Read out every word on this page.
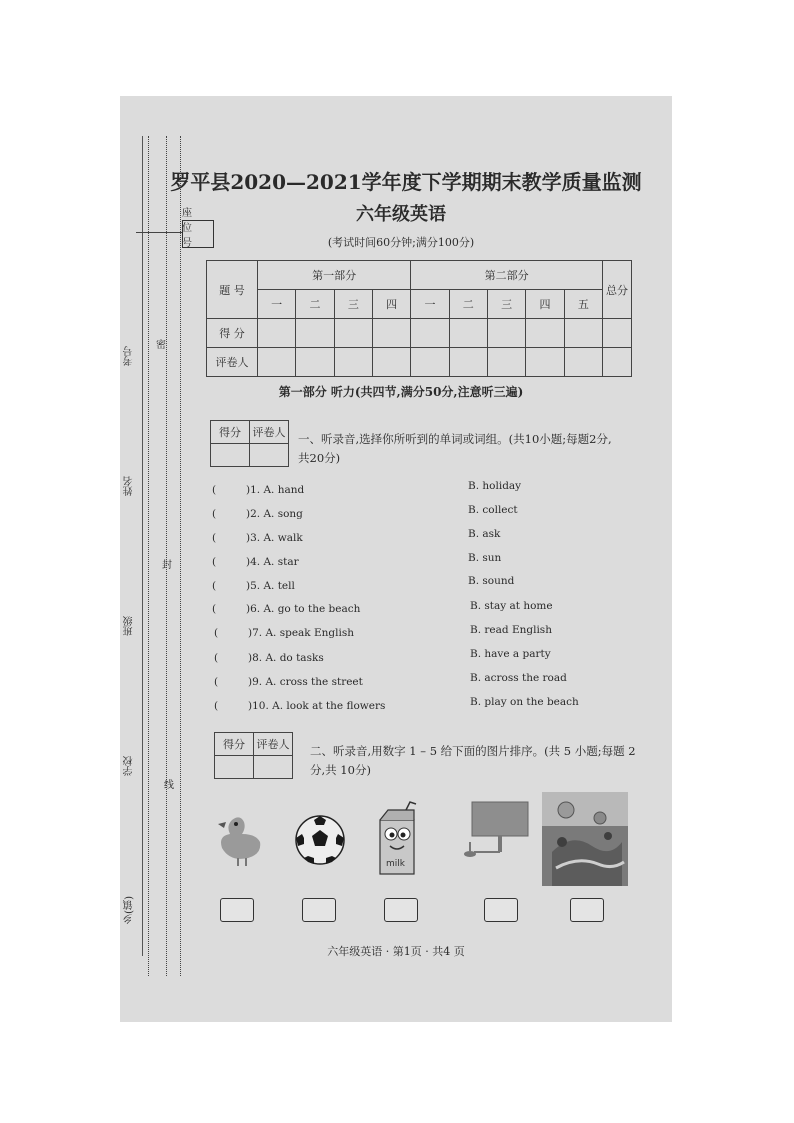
考号
姓名
班级
学校
乡(镇)
密
封
线
座位号
罗平县2020—2021学年度下学期期末教学质量监测
六年级英语
(考试时间60分钟;满分100分)
题 号	第一部分				第二部分					总分
	一	二	三	四	一	二	三	四	五	
得 分										
评卷人										
第一部分 听力(共四节,满分50分,注意听三遍)
得分	评卷人
	一、听录音,选择你所听到的单词或词组。(共10小题;每题2分,
共20分)
(	)1. A. hand	B. holiday
(	)2. A. song	B. collect
(	)3. A. walk	B. ask
(	)4. A. star	B. sun
(	)5. A. tell	B. sound
(	)6. A. go to the beach	B. stay at home
(	)7. A. speak English	B. read English
(	)8. A. do tasks	B. have a party
(	)9. A. cross the street	B. across the road
(	)10. A. look at the flowers	B. play on the beach
得分	评卷人
	二、听录音,用数字 1 – 5 给下面的图片排序。(共 5 小题;每题 2
分,共 10分)
milk
六年级英语 · 第1页 · 共4 页
